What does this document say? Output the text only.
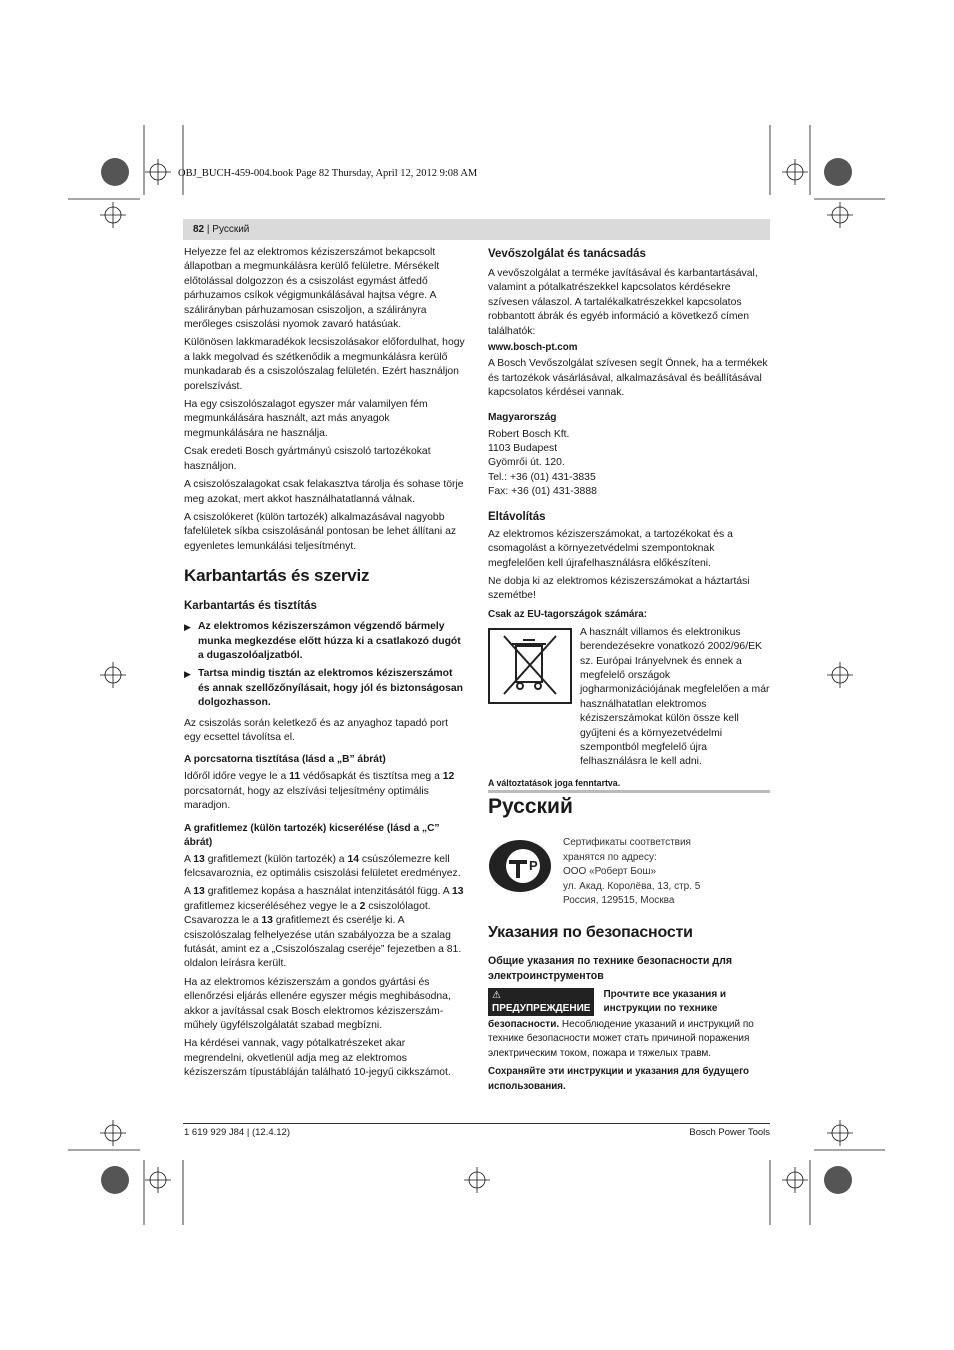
OBJ_BUCH-459-004.book Page 82 Thursday, April 12, 2012 9:08 AM
82 | Русский

Helyezze fel az elektromos kéziszerszámot bekapcsolt állapotban a megmunkálásra kerülő felületre. Mérsékelt előtolással dolgozzon és a csiszolást egymást átfedő párhuzamos csíkok végigmunkálásával hajtsa végre. A szálirányban párhuzamosan csiszoljon, a szálirányra merőleges csiszolási nyomok zavaró hatásúak.

Különösen lakkmaradékok lecsiszolásakor előfordulhat, hogy a lakk megolvad és szétkenődik a megmunkálásra kerülő munkadarab és a csiszolószalag felületén. Ezért használjon porelszívást.

Ha egy csiszolószalagot egyszer már valamilyen fém megmunkálására használt, azt más anyagok megmunkálására ne használja.

Csak eredeti Bosch gyártmányú csiszoló tartozékokat használjon.

A csiszolószalagokat csak felakasztva tárolja és sohase törje meg azokat, mert akkot használhatatlanná válnak.

A csiszolókeret (külön tartozék) alkalmazásával nagyobb fafelületek síkba csiszolásánál pontosan be lehet állítani az egyenletes lemunkálási teljesítményt.

Karbantartás és szerviz
Karbantartás és tisztítás
▶ Az elektromos kéziszerszámon végzendő bármely munka megkezdése előtt húzza ki a csatlakozó dugót a dugaszolóaljzatból.
▶ Tartsa mindig tisztán az elektromos kéziszerszámot és annak szellőzőnyílásait, hogy jól és biztonságosan dolgozhasson.

Az csiszolás során keletkező és az anyaghoz tapadó port egy ecsettel távolítsa el.

A porcsatorna tisztítása (lásd a „B” ábrát)

Időről időre vegye le a 11 védősapkát és tisztítsa meg a 12 porcsatornát, hogy az elszívási teljesítmény optimális maradjon.

A grafitlemez (külön tartozék) kicserélése (lásd a „C” ábrát)

A 13 grafitlemezt (külön tartozék) a 14 csúszólemezre kell felcsavaroznia, ez optimális csiszolási felületet eredményez.

A 13 grafitlemez kopása a használat intenzitásától függ. A 13 grafitlemez kicseréléséhez vegye le a 2 csiszolólagot. Csavarozza le a 13 grafitlemezt és cserélje ki. A csiszolószalag felhelyezése után szabályozza be a szalag futását, amint ez a „Csiszolószalag cseréje” fejezetben a 81. oldalon leírásra került.

Ha az elektromos kéziszerszám a gondos gyártási és ellenőrzési eljárás ellenére egyszer mégis meghibásodna, akkor a javítással csak Bosch elektromos kéziszerszám-műhely ügyfélszolgálatát szabad megbízni.

Ha kérdései vannak, vagy pótalkatrészeket akar megrendelni, okvetlenül adja meg az elektromos kéziszerszám típustábláján található 10-jegyű cikkszámot.

Vevőszolgálat és tanácsadás

A vevőszolgálat a terméke javításával és karbantartásával, valamint a pótalkatrészekkel kapcsolatos kérdésekre szívesen válaszol. A tartalékalkatrészekkel kapcsolatos robbantott ábrák és egyéb információ a következő címen találhatók:

www.bosch-pt.com

A Bosch Vevőszolgálat szívesen segít Önnek, ha a termékek és tartozékok vásárlásával, alkalmazásával és beállításával kapcsolatos kérdései vannak.

Magyarország
Robert Bosch Kft.
1103 Budapest
Gyömrői út. 120.
Tel.: +36 (01) 431-3835
Fax: +36 (01) 431-3888
Eltávolítás

Az elektromos kéziszerszámokat, a tartozékokat és a csomagolást a környezetvédelmi szempontoknak megfelelően kell újrafelhasználásra előkészíteni.

Ne dobja ki az elektromos kéziszerszámokat a háztartási szemétbe!

Csak az EU-tagországok számára:
A használt villamos és elektronikus berendezésekre vonatkozó 2002/96/EK sz. Európai Irányelvnek és ennek a megfelelő országok jogharmonizációjának megfelelően a már használhatatlan elektromos kéziszerszámokat külön össze kell gyűjteni és a környezetvédelmi szempontból megfelelő újra felhasználásra le kell adni.

A változtatások joga fenntartva.

Русский
P
Сертификаты соответствия
хранятся по адресу:
ООО «Роберт Бош»
ул. Акад. Королёва, 13, стр. 5
Россия, 129515, Москва
Указания по безопасности
Общие указания по технике безопасности для электроинструментов
⚠ ПРЕДУПРЕЖДЕНИЕ
Прочтите все указания и инструкции по технике

безопасности. Несоблюдение указаний и инструкций по технике безопасности может стать причиной поражения электрическим током, пожара и тяжелых травм.

Сохраняйте эти инструкции и указания для будущего использования.

1 619 929 J84 | (12.4.12)	Bosch Power Tools
